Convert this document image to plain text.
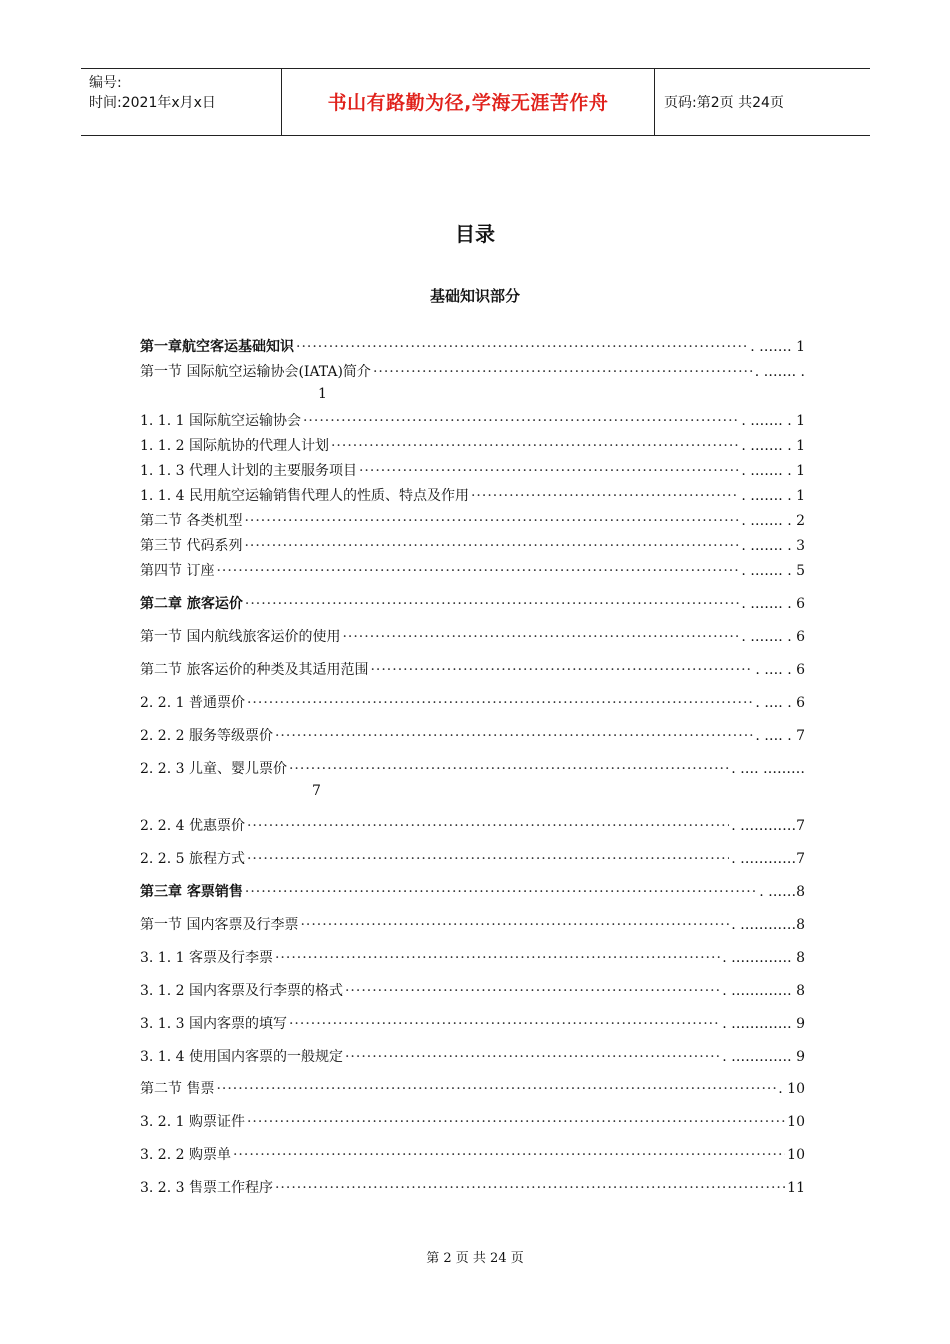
编号:
时间:2021年x月x日	书山有路勤为径,学海无涯苦作舟	页码:第2页 共24页
目录
基础知识部分
第一章航空客运基础知识 ·····	. ……. 1
第一节 国际航空运输协会(IATA)简介 ·····	. ……. .
1
1. 1. 1 国际航空运输协会 ·····	. ……. . 1
1. 1. 2 国际航协的代理人计划 ·····	. ……. . 1
1. 1. 3 代理人计划的主要服务项目 ·····	. ……. . 1
1. 1. 4 民用航空运输销售代理人的性质、特点及作用 ·····	. ……. . 1
第二节 各类机型 ·····	. ……. . 2
第三节 代码系列 ·····	. ……. . 3
第四节 订座 ·····	. ……. . 5
第二章 旅客运价 ·····	. ……. . 6
第一节 国内航线旅客运价的使用 ·····	. ……. . 6
第二节 旅客运价的种类及其适用范围 ·····	. …. . 6
2. 2. 1 普通票价 ·····	. …. . 6
2. 2. 2 服务等级票价 ·····	. …. . 7
2. 2. 3 儿童、婴儿票价 ·····	. …. ………
7
2. 2. 4 优惠票价 ·····	. …………7
2. 2. 5 旅程方式 ·····	. …………7
第三章 客票销售 ·····	. ……8
第一节 国内客票及行李票 ·····	. …………8
3. 1. 1 客票及行李票 ·····	. …………. 8
3. 1. 2 国内客票及行李票的格式 ·····	. …………. 8
3. 1. 3 国内客票的填写 ·····	. …………. 9
3. 1. 4 使用国内客票的一般规定 ·····	. …………. 9
第二节 售票 ·····	. 10
3. 2. 1 购票证件 ·····	10
3. 2. 2 购票单 ·····	10
3. 2. 3 售票工作程序 ·····	11
第 2 页 共 24 页
